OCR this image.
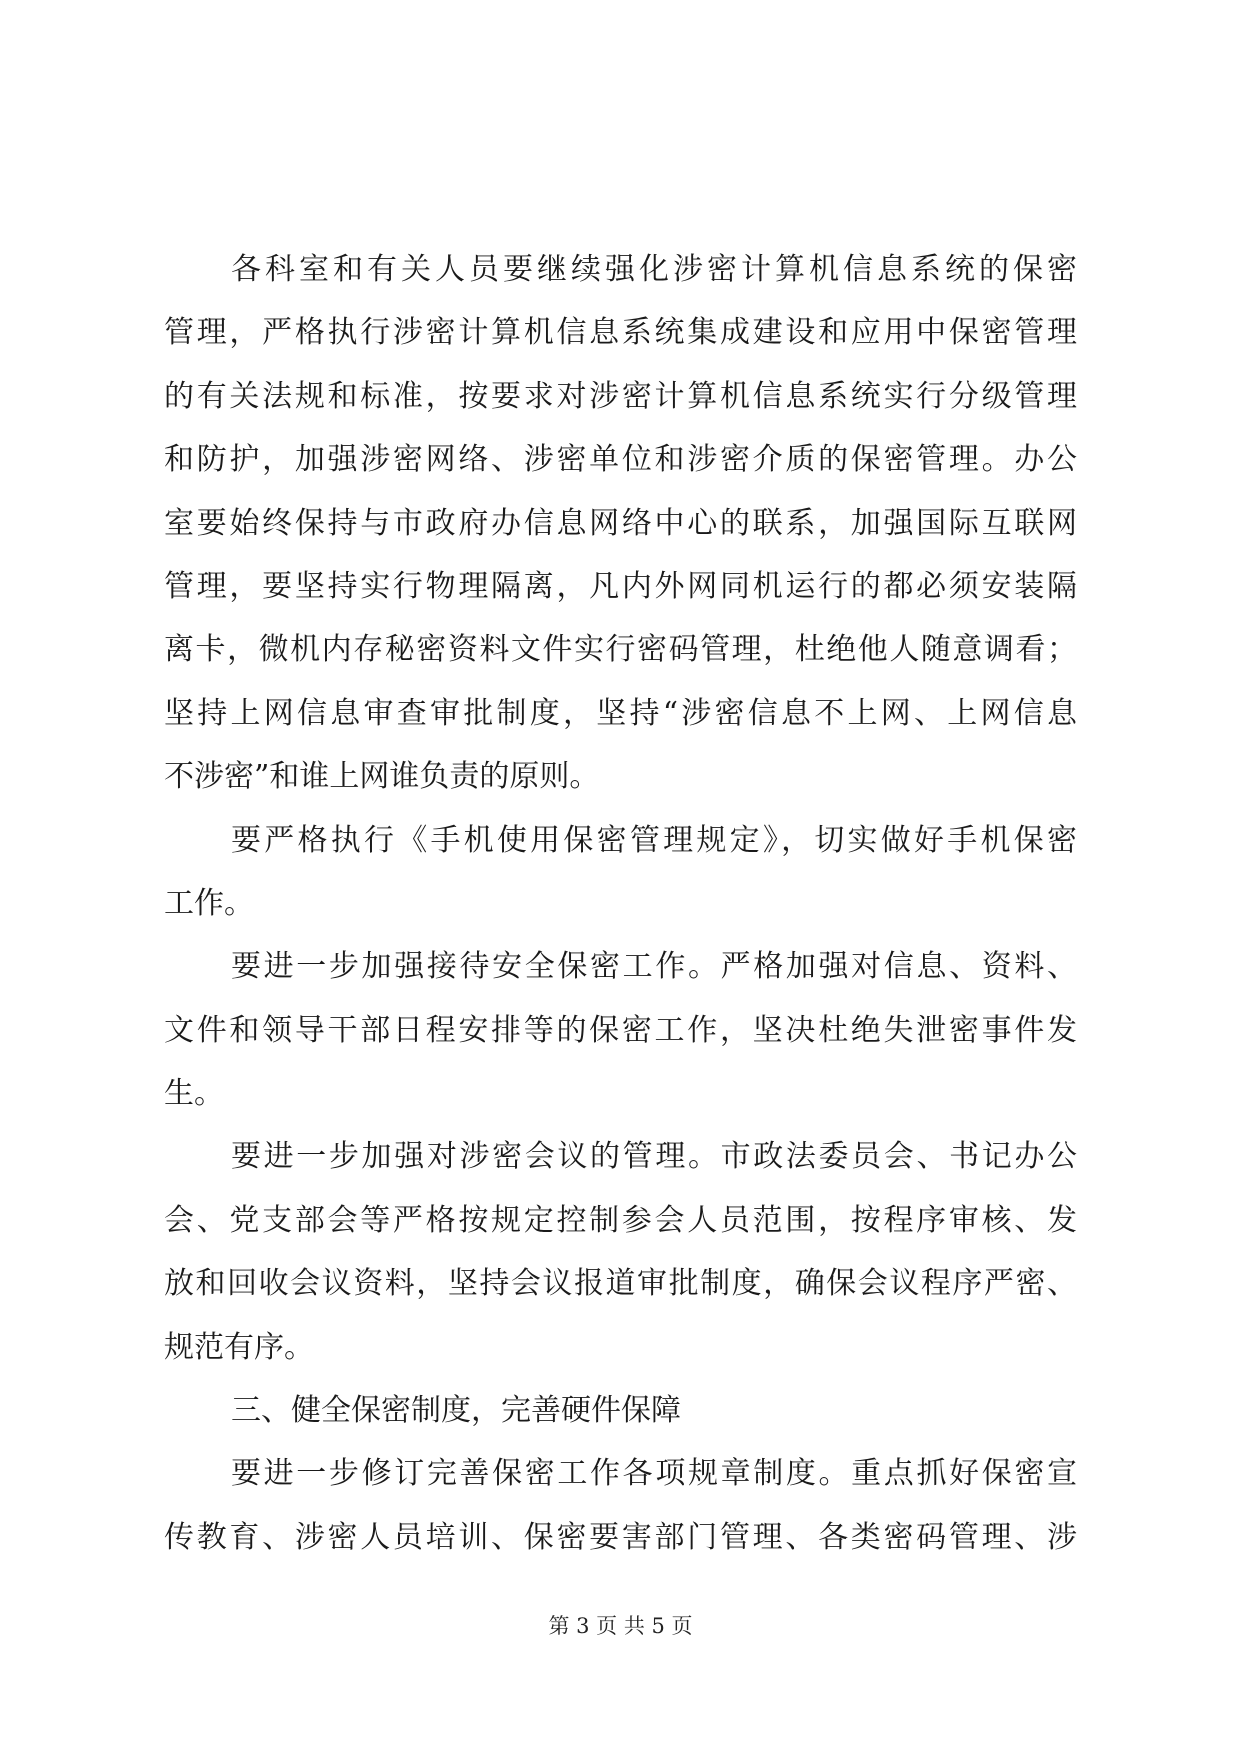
各科室和有关人员要继续强化涉密计算机信息系统的保密
管理，严格执行涉密计算机信息系统集成建设和应用中保密管理
的有关法规和标准，按要求对涉密计算机信息系统实行分级管理
和防护，加强涉密网络、涉密单位和涉密介质的保密管理。办公
室要始终保持与市政府办信息网络中心的联系，加强国际互联网
管理，要坚持实行物理隔离，凡内外网同机运行的都必须安装隔
离卡，微机内存秘密资料文件实行密码管理，杜绝他人随意调看；
坚持上网信息审查审批制度，坚持“涉密信息不上网、上网信息
不涉密”和谁上网谁负责的原则。
要严格执行《手机使用保密管理规定》，切实做好手机保密
工作。
要进一步加强接待安全保密工作。严格加强对信息、资料、
文件和领导干部日程安排等的保密工作，坚决杜绝失泄密事件发
生。
要进一步加强对涉密会议的管理。市政法委员会、书记办公
会、党支部会等严格按规定控制参会人员范围，按程序审核、发
放和回收会议资料，坚持会议报道审批制度，确保会议程序严密、
规范有序。
三、健全保密制度，完善硬件保障
要进一步修订完善保密工作各项规章制度。重点抓好保密宣
传教育、涉密人员培训、保密要害部门管理、各类密码管理、涉
第 3 页 共 5 页
